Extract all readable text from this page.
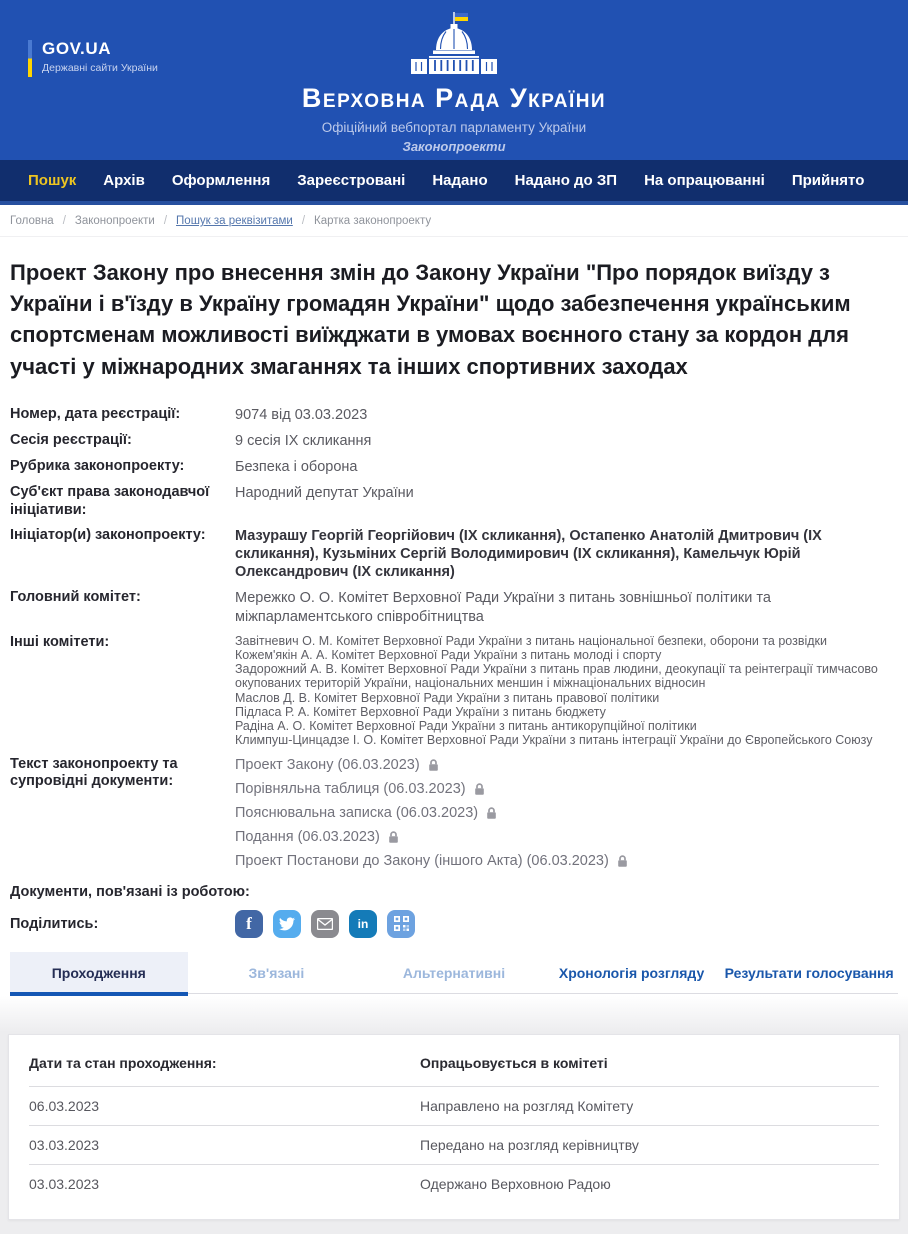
GOV.UA
Державні сайти України
Верховна Рада України
Офіційний вебпортал парламенту України
Законопроекти
Пошук Архів Оформлення Зареєстровані Надано Надано до ЗП На опрацюванні Прийнято
Головна / Законопроекти / Пошук за реквізитами / Картка законопроекту
Проект Закону про внесення змін до Закону України "Про порядок виїзду з України і в'їзду в Україну громадян України" щодо забезпечення українським спортсменам можливості виїжджати в умовах воєнного стану за кордон для участі у міжнародних змаганнях та інших спортивних заходах
Номер, дата реєстрації:	9074 від 03.03.2023
Сесія реєстрації:	9 сесія IX скликання
Рубрика законопроекту:	Безпека і оборона
Суб'єкт права законодавчої ініціативи:
Народний депутат України
Ініціатор(и) законопроекту:	Мазурашу Георгій Георгійович (IX скликання), Остапенко Анатолій Дмитрович (IX скликання), Кузьміних Сергій Володимирович (IX скликання), Камельчук Юрій Олександрович (IX скликання)
Головний комітет:	Мережко О. О. Комітет Верховної Ради України з питань зовнішньої політики та міжпарламентського співробітництва
Інші комітети:	Завітневич О. М. Комітет Верховної Ради України з питань національної безпеки, оборони та розвідки
Кожем'якін А. А. Комітет Верховної Ради України з питань молоді і спорту
Задорожний А. В. Комітет Верховної Ради України з питань прав людини, деокупації та реінтеграції тимчасово окупованих територій України, національних меншин і міжнаціональних відносин
Маслов Д. В. Комітет Верховної Ради України з питань правової політики
Підласа Р. А. Комітет Верховної Ради України з питань бюджету
Радіна А. О. Комітет Верховної Ради України з питань антикорупційної політики
Климпуш-Цинцадзе І. О. Комітет Верховної Ради України з питань інтеграції України до Європейського Союзу
Текст законопроекту та супровідні документи:
Проект Закону (06.03.2023)
Порівняльна таблиця (06.03.2023)
Пояснювальна записка (06.03.2023)
Подання (06.03.2023)
Проект Постанови до Закону (іншого Акта) (06.03.2023)
Документи, пов'язані із роботою:
Поділитись:	f	in
Проходження	Зв'язані	Альтернативні	Хронологія розгляду	Результати голосування
Дати та стан проходження:	Опрацьовується в комітеті
06.03.2023	Направлено на розгляд Комітету
03.03.2023	Передано на розгляд керівництву
03.03.2023	Одержано Верховною Радою
